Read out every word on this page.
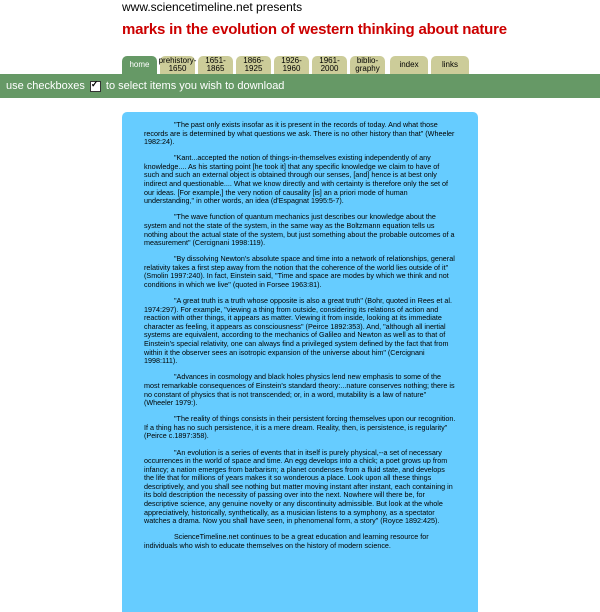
www.sciencetimeline.net presents
marks in the evolution of western thinking about nature
home	prehistory-1650
1651-1865
1866-1925
1926-1960
1961-2000
biblio-graphy	index	links
use checkboxes
✓ to select items you wish to download

"The past only exists insofar as it is present in the records of today. And what those records are is determined by what questions we ask. There is no other history than that" (Wheeler 1982:24).

"Kant...accepted the notion of things-in-themselves existing independently of any knowledge.... As his starting point [he took it] that any specific knowledge we claim to have of such and such an external object is obtained through our senses, [and] hence is at best only indirect and questionable.... What we know directly and with certainty is therefore only the set of our ideas. [For example,] the very notion of causality [is] an a priori mode of human understanding," in other words, an idea (d'Espagnat 1995:5-7).

"The wave function of quantum mechanics just describes our knowledge about the system and not the state of the system, in the same way as the Boltzmann equation tells us nothing about the actual state of the system, but just something about the probable outcomes of a measurement" (Cercignani 1998:119).

"By dissolving Newton's absolute space and time into a network of relationships, general relativity takes a first step away from the notion that the coherence of the world lies outside of it" (Smolin 1997:240). In fact, Einstein said, "Time and space are modes by which we think and not conditions in which we live" (quoted in Forsee 1963:81).

"A great truth is a truth whose opposite is also a great truth" (Bohr, quoted in Rees et al. 1974:297). For example, "viewing a thing from outside, considering its relations of action and reaction with other things, it appears as matter. Viewing it from inside, looking at its immediate character as feeling, it appears as consciousness" (Peirce 1892:353). And, "although all inertial systems are equivalent, according to the mechanics of Galileo and Newton as well as to that of Einstein's special relativity, one can always find a privileged system defined by the fact that from within it the observer sees an isotropic expansion of the universe about him" (Cercignani 1998:111).

"Advances in cosmology and black holes physics lend new emphasis to some of the most remarkable consequences of Einstein's standard theory:...nature conserves nothing; there is no constant of physics that is not transcended; or, in a word, mutability is a law of nature" (Wheeler 1979:).

"The reality of things consists in their persistent forcing themselves upon our recognition. If a thing has no such persistence, it is a mere dream. Reality, then, is persistence, is regularity" (Peirce c.1897:358).

"An evolution is a series of events that in itself is purely physical,--a set of necessary occurrences in the world of space and time. An egg develops into a chick; a poet grows up from infancy; a nation emerges from barbarism; a planet condenses from a fluid state, and develops the life that for millions of years makes it so wonderous a place. Look upon all these things descriptively, and you shall see nothing but matter moving instant after instant, each containing in its bold description the necessity of passing over into the next. Nowhere will there be, for descriptive science, any genuine novelty or any discontinuity admissible. But look at the whole appreciatively, historically, synthetically, as a musician listens to a symphony, as a spectator watches a drama. Now you shall have seen, in phenomenal form, a story" (Royce 1892:425).

ScienceTimeline.net continues to be a great education and learning resource for individuals who wish to educate themselves on the history of modern science.
